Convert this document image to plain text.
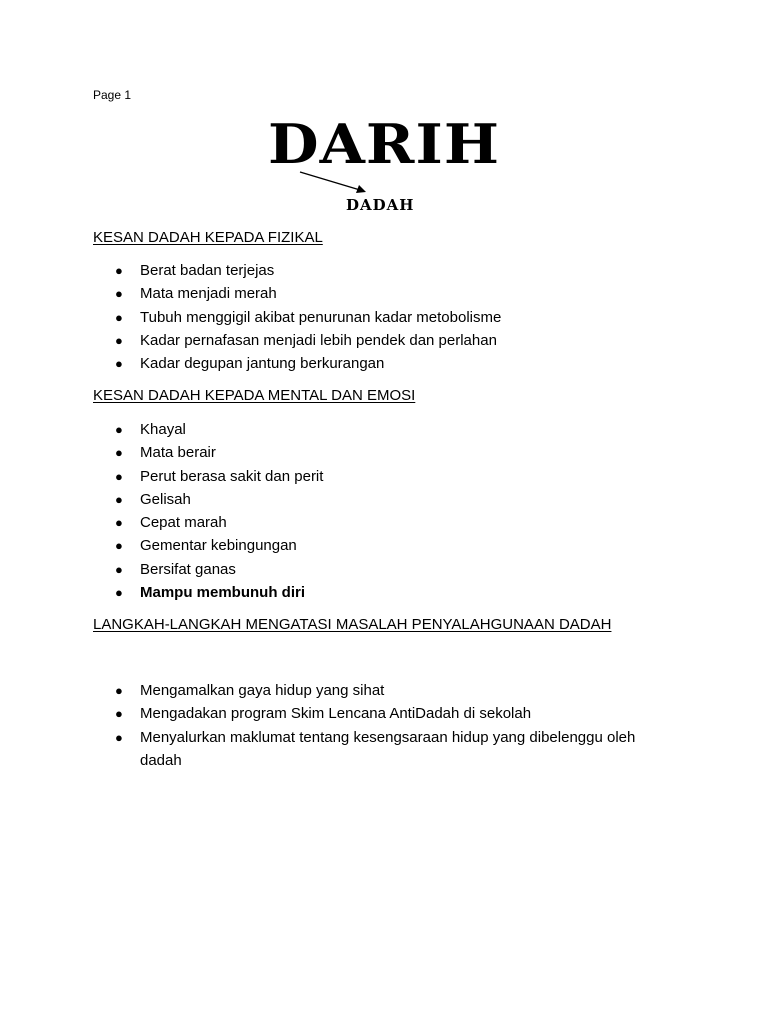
Page 1
DARIH
DADAH
KESAN DADAH KEPADA FIZIKAL
● Berat badan terjejas
● Mata menjadi merah
● Tubuh menggigil akibat penurunan kadar metobolisme
● Kadar pernafasan menjadi lebih pendek dan perlahan
● Kadar degupan jantung berkurangan
KESAN DADAH KEPADA MENTAL DAN EMOSI
● Khayal
● Mata berair
● Perut berasa sakit dan perit
● Gelisah
● Cepat marah
● Gementar kebingungan
● Bersifat ganas
● Mampu membunuh diri
LANGKAH-LANGKAH MENGATASI MASALAH PENYALAHGUNAAN DADAH
● Mengamalkan gaya hidup yang sihat
● Mengadakan program Skim Lencana AntiDadah di sekolah
● Menyalurkan maklumat tentang kesengsaraan hidup yang dibelenggu oleh dadah
